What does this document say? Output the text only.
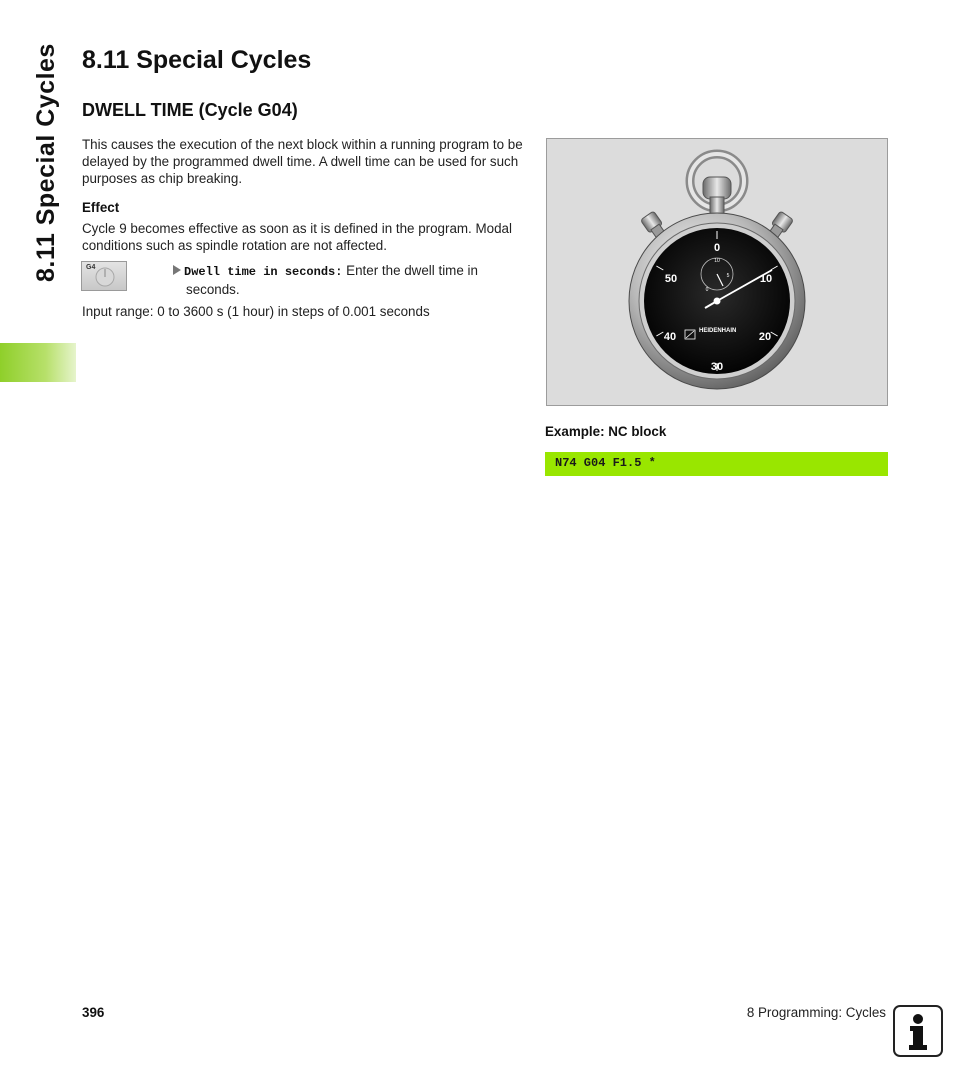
8.11 Special Cycles 8.11 Special Cycles
DWELL TIME (Cycle G04)
This causes the execution of the next block within a running program to be delayed by the programmed dwell time. A dwell time can be used for such purposes as chip breaking.
Effect
Cycle 9 becomes effective as soon as it is defined in the program. Modal conditions such as spindle rotation are not affected.
G4	Dwell time in seconds: Enter the dwell time in
seconds.
Input range: 0 to 3600 s (1 hour) in steps of 0.001 seconds
0
10
20
30
40
50
10
5
0
HEIDENHAIN
Example: NC block
N74 G04 F1.5 *
396	8 Programming: Cycles
